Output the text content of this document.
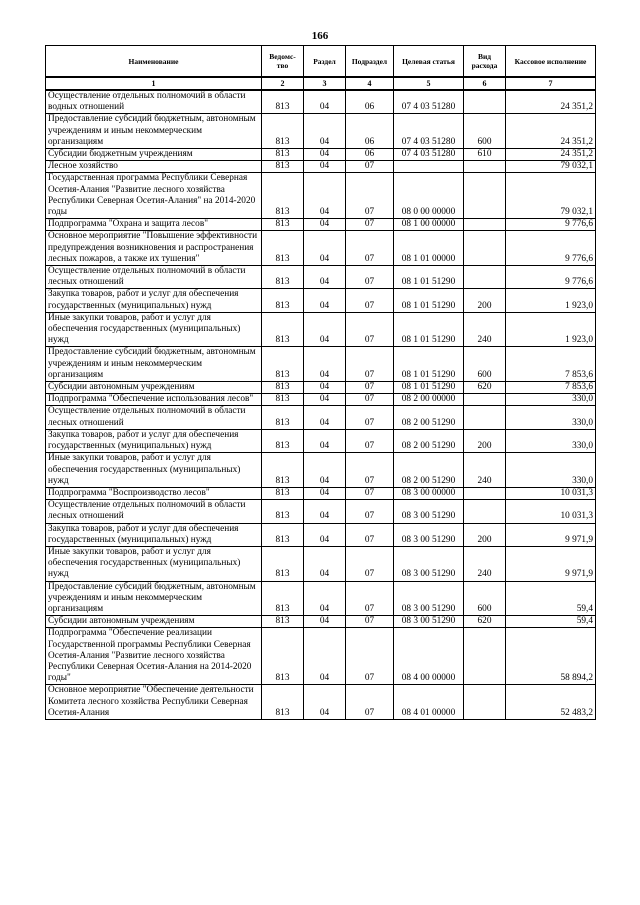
166
Наименование	Ведомс-тво	Раздел	Подраздел	Целевая статья	Вид расхода	Кассовое исполнение
1	2	3	4	5	6	7
Осуществление отдельных полномочий в области водных отношений	813	04	06	07 4 03 51280		24 351,2
Предоставление субсидий бюджетным, автономным учреждениям и иным некоммерческим организациям	813	04	06	07 4 03 51280	600	24 351,2
Субсидии бюджетным учреждениям	813	04	06	07 4 03 51280	610	24 351,2
Лесное хозяйство	813	04	07			79 032,1
Государственная программа Республики Северная Осетия-Алания "Развитие лесного хозяйства Республики Северная Осетия-Алания" на 2014-2020 годы	813	04	07	08 0 00 00000		79 032,1
Подпрограмма "Охрана и защита лесов"	813	04	07	08 1 00 00000		9 776,6
Основное мероприятие "Повышение эффективности предупреждения возникновения и распространения лесных пожаров, а также их тушения"	813	04	07	08 1 01 00000		9 776,6
Осуществление отдельных полномочий в области лесных отношений	813	04	07	08 1 01 51290		9 776,6
Закупка товаров, работ и услуг для обеспечения государственных (муниципальных) нужд	813	04	07	08 1 01 51290	200	1 923,0
Иные закупки товаров, работ и услуг для обеспечения государственных (муниципальных) нужд	813	04	07	08 1 01 51290	240	1 923,0
Предоставление субсидий бюджетным, автономным учреждениям и иным некоммерческим организациям	813	04	07	08 1 01 51290	600	7 853,6
Субсидии автономным учреждениям	813	04	07	08 1 01 51290	620	7 853,6
Подпрограмма "Обеспечение использования лесов"	813	04	07	08 2 00 00000		330,0
Осуществление отдельных полномочий в области лесных отношений	813	04	07	08 2 00 51290		330,0
Закупка товаров, работ и услуг для обеспечения государственных (муниципальных) нужд	813	04	07	08 2 00 51290	200	330,0
Иные закупки товаров, работ и услуг для обеспечения государственных (муниципальных) нужд	813	04	07	08 2 00 51290	240	330,0
Подпрограмма "Воспроизводство лесов"	813	04	07	08 3 00 00000		10 031,3
Осуществление отдельных полномочий в области лесных отношений	813	04	07	08 3 00 51290		10 031,3
Закупка товаров, работ и услуг для обеспечения государственных (муниципальных) нужд	813	04	07	08 3 00 51290	200	9 971,9
Иные закупки товаров, работ и услуг для обеспечения государственных (муниципальных) нужд	813	04	07	08 3 00 51290	240	9 971,9
Предоставление субсидий бюджетным, автономным учреждениям и иным некоммерческим организациям	813	04	07	08 3 00 51290	600	59,4
Субсидии автономным учреждениям	813	04	07	08 3 00 51290	620	59,4
Подпрограмма "Обеспечение реализации Государственной программы Республики Северная Осетия-Алания "Развитие лесного хозяйства Республики Северная Осетия-Алания на 2014-2020 годы"	813	04	07	08 4 00 00000		58 894,2
Основное мероприятие "Обеспечение деятельности Комитета лесного хозяйства Республики Северная Осетия-Алания	813	04	07	08 4 01 00000		52 483,2
